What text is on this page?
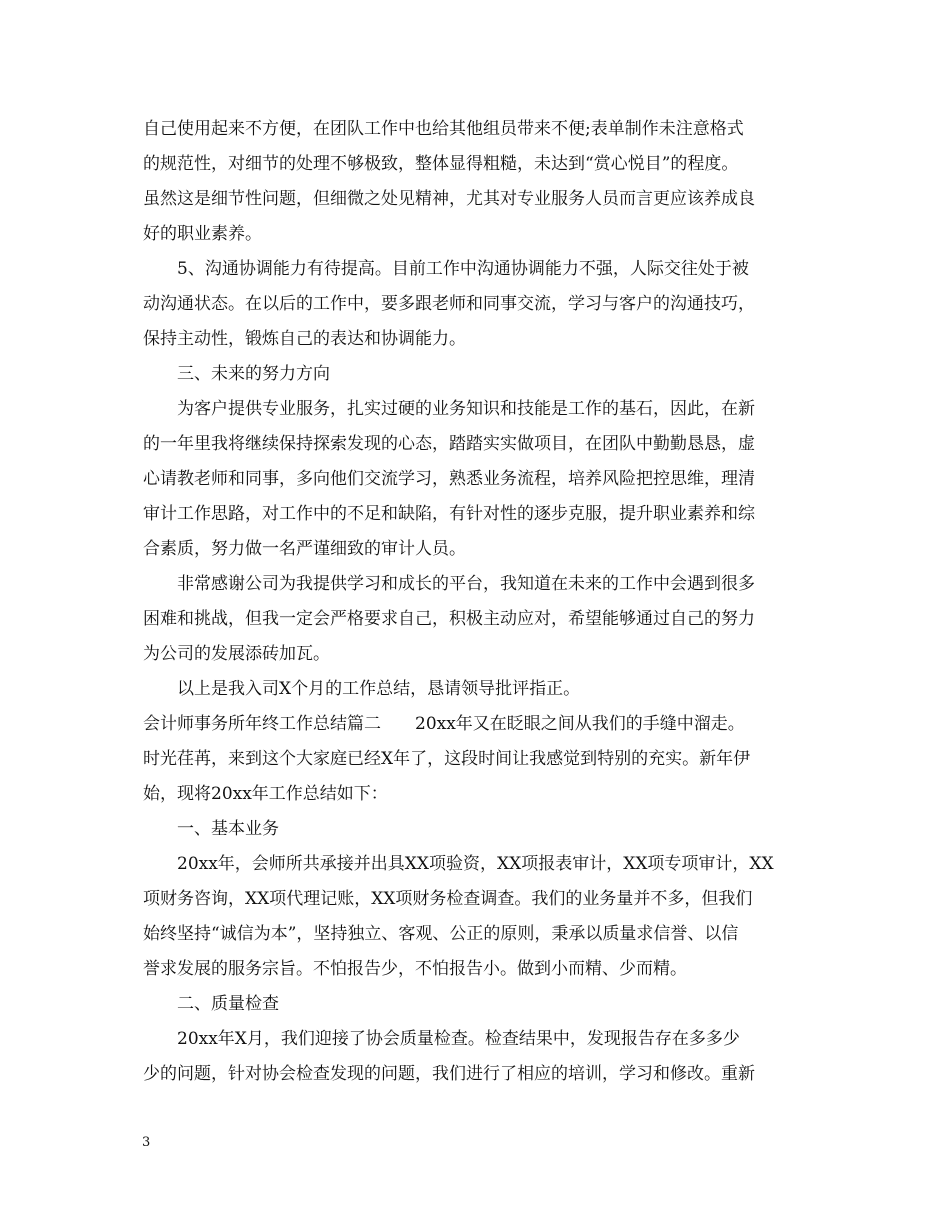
自己使用起来不方便，在团队工作中也给其他组员带来不便;表单制作未注意格式
的规范性，对细节的处理不够极致，整体显得粗糙，未达到“赏心悦目”的程度。
虽然这是细节性问题，但细微之处见精神，尤其对专业服务人员而言更应该养成良
好的职业素养。
5、沟通协调能力有待提高。目前工作中沟通协调能力不强，人际交往处于被
动沟通状态。在以后的工作中，要多跟老师和同事交流，学习与客户的沟通技巧，
保持主动性，锻炼自己的表达和协调能力。
三、未来的努力方向
为客户提供专业服务，扎实过硬的业务知识和技能是工作的基石，因此，在新
的一年里我将继续保持探索发现的心态，踏踏实实做项目，在团队中勤勤恳恳，虚
心请教老师和同事，多向他们交流学习，熟悉业务流程，培养风险把控思维，理清
审计工作思路，对工作中的不足和缺陷，有针对性的逐步克服，提升职业素养和综
合素质，努力做一名严谨细致的审计人员。
非常感谢公司为我提供学习和成长的平台，我知道在未来的工作中会遇到很多
困难和挑战，但我一定会严格要求自己，积极主动应对，希望能够通过自己的努力
为公司的发展添砖加瓦。
以上是我入司X个月的工作总结，恳请领导批评指正。
会计师事务所年终工作总结篇二　　20xx年又在眨眼之间从我们的手缝中溜走。
时光荏苒，来到这个大家庭已经X年了，这段时间让我感觉到特别的充实。新年伊
始，现将20xx年工作总结如下：
一、基本业务
20xx年，会师所共承接并出具XX项验资，XX项报表审计，XX项专项审计，XX
项财务咨询，XX项代理记账，XX项财务检查调查。我们的业务量并不多，但我们
始终坚持“诚信为本”，坚持独立、客观、公正的原则，秉承以质量求信誉、以信
誉求发展的服务宗旨。不怕报告少，不怕报告小。做到小而精、少而精。
二、质量检查
20xx年X月，我们迎接了协会质量检查。检查结果中，发现报告存在多多少
少的问题，针对协会检查发现的问题，我们进行了相应的培训，学习和修改。重新
3
